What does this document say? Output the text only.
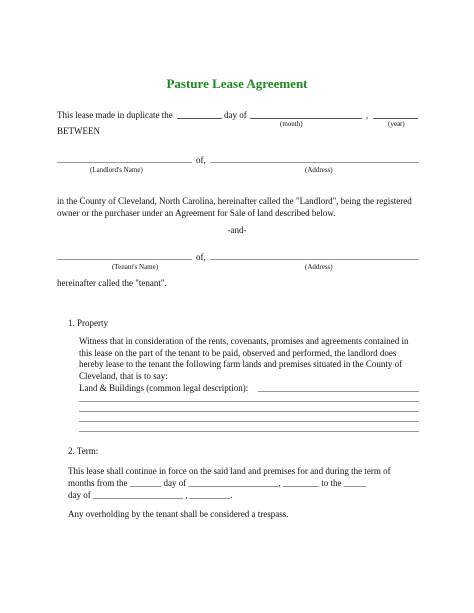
Pasture Lease Agreement
This lease made in duplicate the	day of	,
(month)	(year)
BETWEEN
of,
(Landlord's Name)	(Address)
in the County of Cleveland, North Carolina, hereinafter called the "Landlord", being the registered owner or the purchaser under an Agreement for Sale of land described below.
-and-
of,
(Tenant's Name)	(Address)
hereinafter called the "tenant".
1. Property
Witness that in consideration of the rents, covenants, promises and agreements contained in this lease on the part of the tenant to be paid, observed and performed, the landlord does hereby lease to the tenant the following farm lands and premises situated in the County of Cleveland, that is to say:
Land & Buildings (common legal description):
2. Term:
This lease shall continue in force on the said land and premises for and during the term of
months from the _______ day of ____________________, ________ to the _____
day of ____________________ , _________.
Any overholding by the tenant shall be considered a trespass.
